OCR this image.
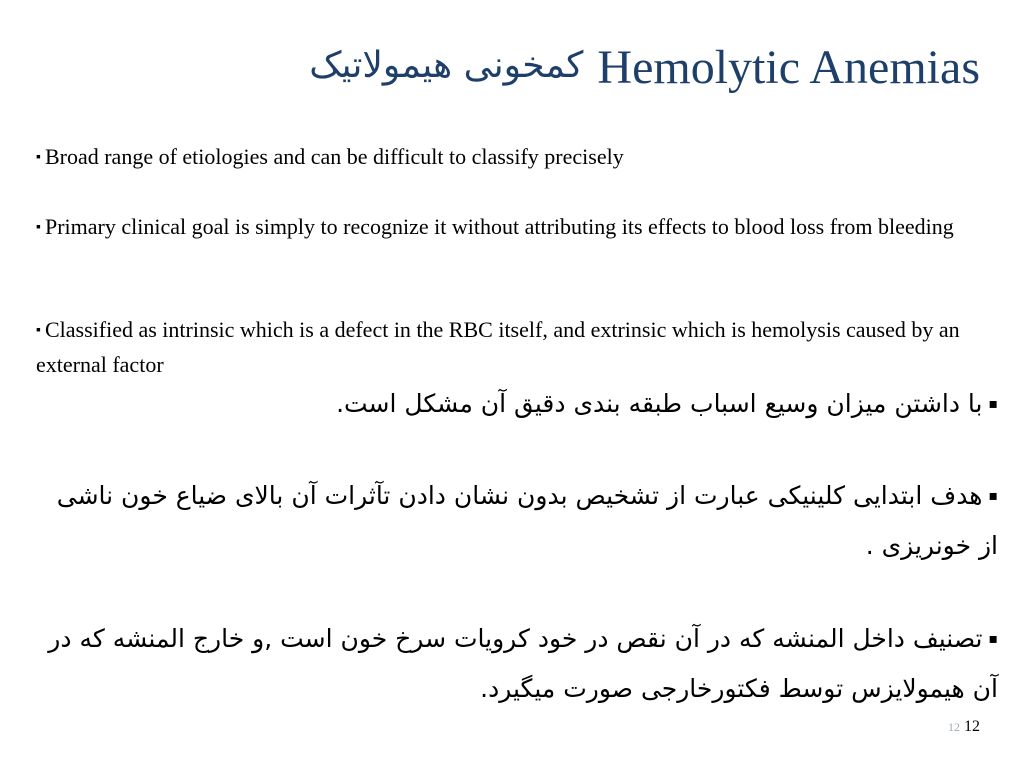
کمخونی هیمولاتیک Hemolytic Anemias
▪ Broad range of etiologies and can be difficult to classify precisely
▪ Primary clinical goal is simply to recognize it without attributing its effects to blood loss from bleeding
▪ Classified as intrinsic which is a defect in the RBC itself, and extrinsic which is hemolysis caused by an external factor
▪با داشتن میزان وسیع اسباب طبقه بندی دقیق آن مشکل است.
▪هدف ابتدایی کلینیکی عبارت از تشخیص بدون نشان دادن تآثرات آن بالای ضیاع خون ناشی از خونریزی .
▪تصنیف داخل المنشه که در آن نقص در خود کرویات سرخ خون است ,و خارج المنشه که در آن هیمولایزس توسط فکتورخارجی صورت میگیرد.
12 12
